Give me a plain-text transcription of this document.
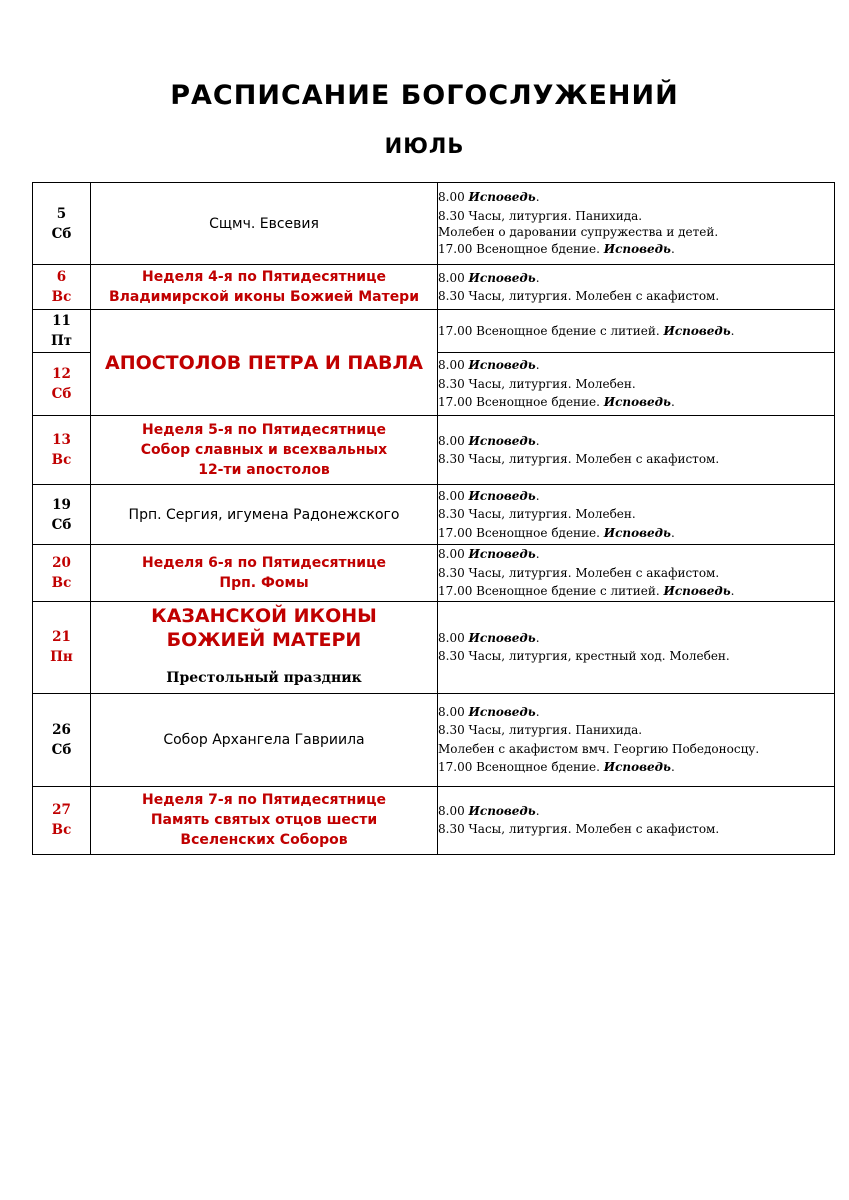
РАСПИСАНИЕ БОГОСЛУЖЕНИЙ
ИЮЛЬ
5
Сб	Сщмч. Евсевия	8.00 Исповедь.
8.30 Часы, литургия. Панихида.
Молебен о даровании супружества и детей.
17.00 Всенощное бдение. Исповедь.

6
Вс	Неделя 4-я по Пятидесятнице
Владимирской иконы Божией Матери	8.00 Исповедь.
8.30 Часы, литургия. Молебен с акафистом.

11
Пт	АПОСТОЛОВ ПЕТРА И ПАВЛА	17.00 Всенощное бдение с литией. Исповедь.

12
Сб		8.00 Исповедь.
8.30 Часы, литургия. Молебен.
17.00 Всенощное бдение. Исповедь.

13
Вс	Неделя 5-я по Пятидесятнице
Собор славных и всехвальных
12-ти апостолов	8.00 Исповедь.
8.30 Часы, литургия. Молебен с акафистом.

19
Сб	Прп. Сергия, игумена Радонежского	8.00 Исповедь.
8.30 Часы, литургия. Молебен.
17.00 Всенощное бдение. Исповедь.

20
Вс	Неделя 6-я по Пятидесятнице
Прп. Фомы	8.00 Исповедь.
8.30 Часы, литургия. Молебен с акафистом.
17.00 Всенощное бдение с литией. Исповедь.

21
Пн	КАЗАНСКОЙ ИКОНЫ
БОЖИЕЙ МАТЕРИ
Престольный праздник	8.00 Исповедь.
8.30 Часы, литургия, крестный ход. Молебен.

26
Сб	Собор Архангела Гавриила	8.00 Исповедь.
8.30 Часы, литургия. Панихида.
Молебен с акафистом вмч. Георгию Победоносцу.
17.00 Всенощное бдение. Исповедь.

27
Вс	Неделя 7-я по Пятидесятнице
Память святых отцов шести
Вселенских Соборов	8.00 Исповедь.
8.30 Часы, литургия. Молебен с акафистом.
